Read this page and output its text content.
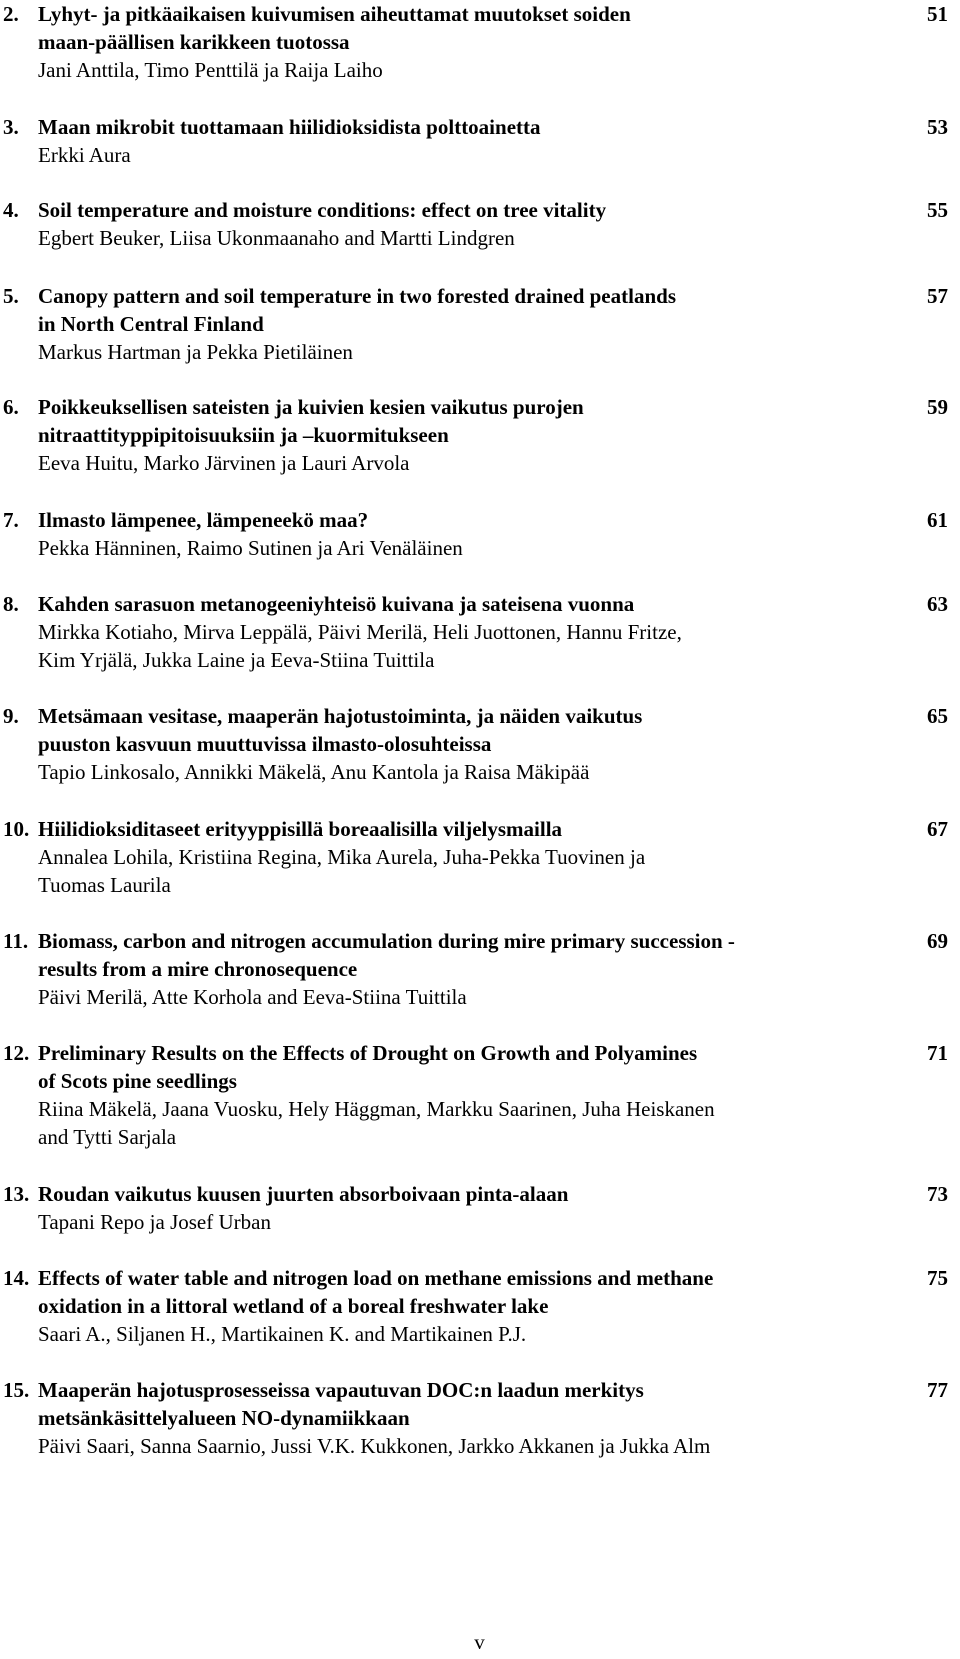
2. Lyhyt- ja pitkäaikaisen kuivumisen aiheuttamat muutokset soiden
maan-päällisen karikkeen tuotossa
Jani Anttila, Timo Penttilä ja Raija Laiho
51
3. Maan mikrobit tuottamaan hiilidioksidista polttoainetta
Erkki Aura
53
4. Soil temperature and moisture conditions: effect on tree vitality
Egbert Beuker, Liisa Ukonmaanaho and Martti Lindgren
55
5. Canopy pattern and soil temperature in two forested drained peatlands
in North Central Finland
Markus Hartman ja Pekka Pietiläinen
57
6. Poikkeuksellisen sateisten ja kuivien kesien vaikutus purojen
nitraattityppipitoisuuksiin ja –kuormitukseen
Eeva Huitu, Marko Järvinen ja Lauri Arvola
59
7. Ilmasto lämpenee, lämpeneekö maa?
Pekka Hänninen, Raimo Sutinen ja Ari Venäläinen
61
8. Kahden sarasuon metanogeeniyhteisö kuivana ja sateisena vuonna
Mirkka Kotiaho, Mirva Leppälä, Päivi Merilä, Heli Juottonen, Hannu Fritze,
Kim Yrjälä, Jukka Laine ja Eeva-Stiina Tuittila
63
9. Metsämaan vesitase, maaperän hajotustoiminta, ja näiden vaikutus
puuston kasvuun muuttuvissa ilmasto-olosuhteissa
Tapio Linkosalo, Annikki Mäkelä, Anu Kantola ja Raisa Mäkipää
65
10. Hiilidioksiditaseet erityyppisillä boreaalisilla viljelysmailla
Annalea Lohila, Kristiina Regina, Mika Aurela, Juha-Pekka Tuovinen ja
Tuomas Laurila
67
11. Biomass, carbon and nitrogen accumulation during mire primary succession -
results from a mire chronosequence
Päivi Merilä, Atte Korhola and Eeva-Stiina Tuittila
69
12. Preliminary Results on the Effects of Drought on Growth and Polyamines
of Scots pine seedlings
Riina Mäkelä, Jaana Vuosku, Hely Häggman, Markku Saarinen, Juha Heiskanen
and Tytti Sarjala
71
13. Roudan vaikutus kuusen juurten absorboivaan pinta-alaan
Tapani Repo ja Josef Urban
73
14. Effects of water table and nitrogen load on methane emissions and methane
oxidation in a littoral wetland of a boreal freshwater lake
Saari A., Siljanen H., Martikainen K. and Martikainen P.J.
75
15. Maaperän hajotusprosesseissa vapautuvan DOC:n laadun merkitys
metsänkäsittelyalueen NO-dynamiikkaan
Päivi Saari, Sanna Saarnio, Jussi V.K. Kukkonen, Jarkko Akkanen ja Jukka Alm
77
v
